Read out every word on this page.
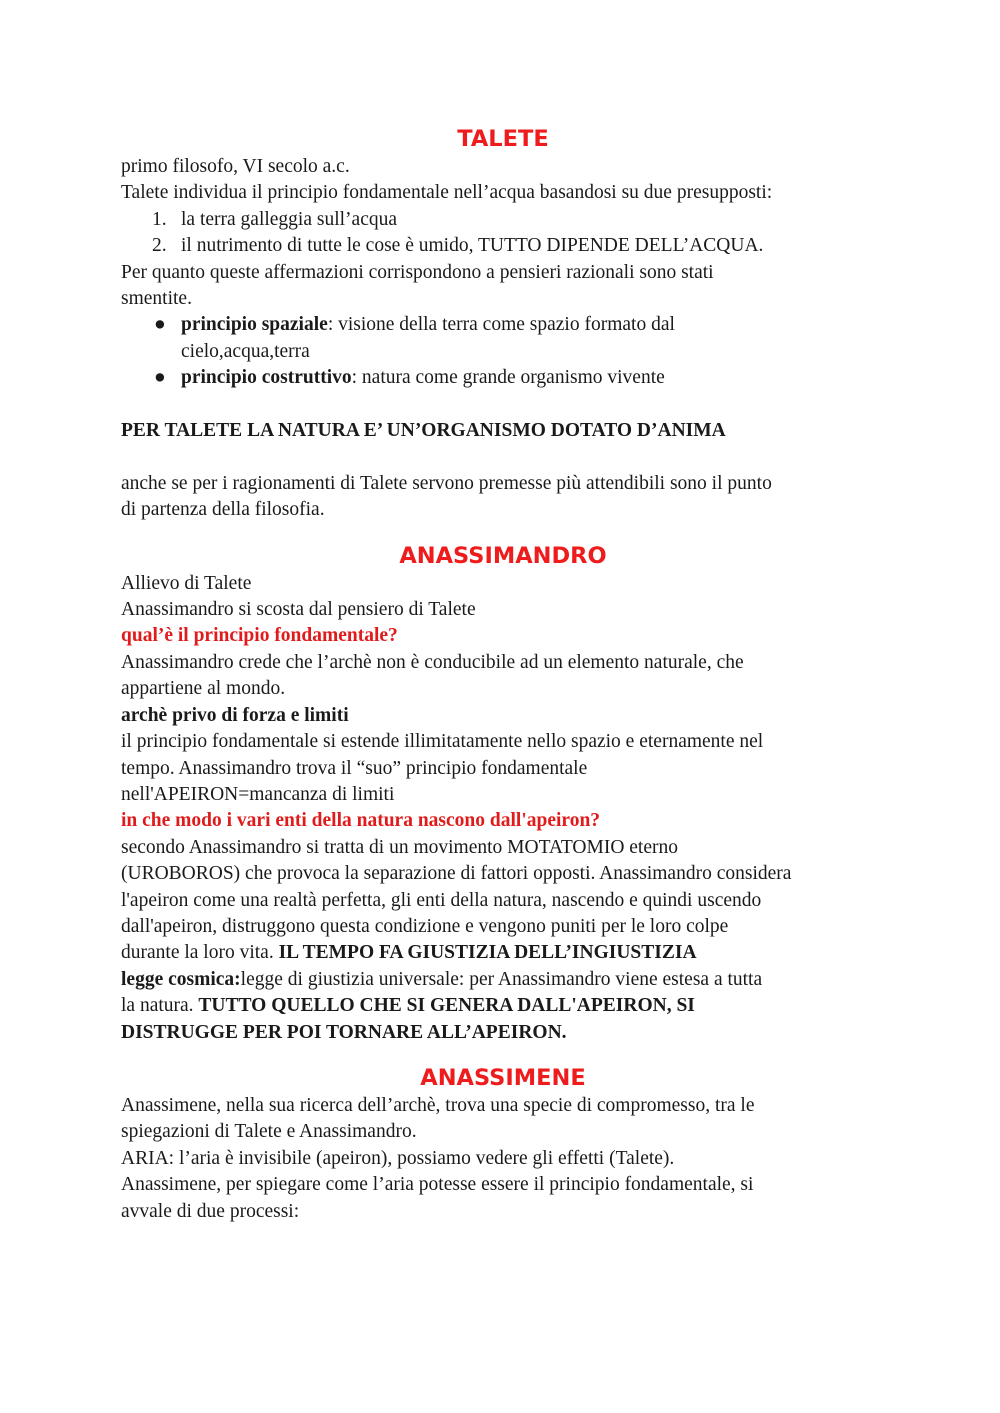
TALETE
primo filosofo, VI secolo a.c.
Talete individua il principio fondamentale nell’acqua basandosi su due presupposti:
1. la terra galleggia sull’acqua
2. il nutrimento di tutte le cose è umido, TUTTO DIPENDE DELL’ACQUA.
Per quanto queste affermazioni corrispondono a pensieri razionali sono stati
smentite.
● principio spaziale: visione della terra come spazio formato dal
cielo,acqua,terra
● principio costruttivo: natura come grande organismo vivente
PER TALETE LA NATURA E’ UN’ORGANISMO DOTATO D’ANIMA
anche se per i ragionamenti di Talete servono premesse più attendibili sono il punto
di partenza della filosofia.
ANASSIMANDRO
Allievo di Talete
Anassimandro si scosta dal pensiero di Talete
qual’è il principio fondamentale?
Anassimandro crede che l’archè non è conducibile ad un elemento naturale, che
appartiene al mondo.
archè privo di forza e limiti
il principio fondamentale si estende illimitatamente nello spazio e eternamente nel
tempo. Anassimandro trova il “suo” principio fondamentale
nell'APEIRON=mancanza di limiti
in che modo i vari enti della natura nascono dall'apeiron?
secondo Anassimandro si tratta di un movimento MOTATOMIO eterno
(UROBOROS) che provoca la separazione di fattori opposti. Anassimandro considera
l'apeiron come una realtà perfetta, gli enti della natura, nascendo e quindi uscendo
dall'apeiron, distruggono questa condizione e vengono puniti per le loro colpe
durante la loro vita. IL TEMPO FA GIUSTIZIA DELL’INGIUSTIZIA
legge cosmica:legge di giustizia universale: per Anassimandro viene estesa a tutta
la natura. TUTTO QUELLO CHE SI GENERA DALL'APEIRON, SI
DISTRUGGE PER POI TORNARE ALL’APEIRON.
ANASSIMENE
Anassimene, nella sua ricerca dell’archè, trova una specie di compromesso, tra le
spiegazioni di Talete e Anassimandro.
ARIA: l’aria è invisibile (apeiron), possiamo vedere gli effetti (Talete).
Anassimene, per spiegare come l’aria potesse essere il principio fondamentale, si
avvale di due processi:
